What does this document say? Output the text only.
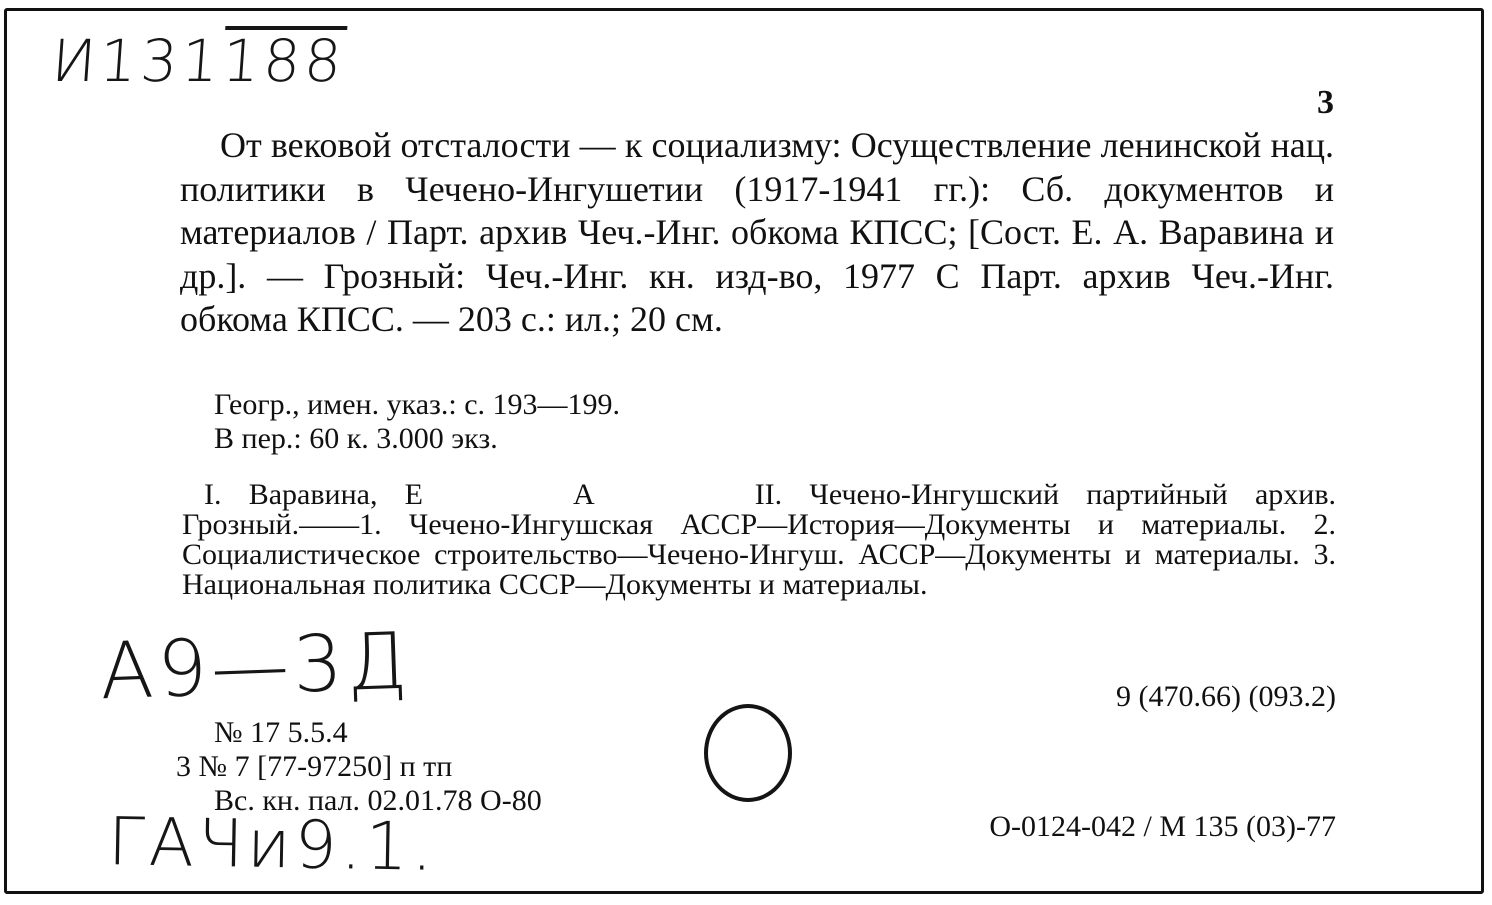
И131188
3
От вековой отсталости — к социализму: Осуществление ленинской нац. политики в Чечено-Ингушетии (1917-1941 гг.): Сб. документов и материалов / Парт. архив Чеч.-Инг. обкома КПСС; [Сост. Е. А. Варавина и др.]. — Грозный: Чеч.-Инг. кн. изд-во, 1977 С Парт. архив Чеч.-Инг. обкома КПСС. — 203 с.: ил.; 20 см.
Геогр., имен. указ.: с. 193—199.
В пер.: 60 к. 3.000 экз.
I. Варавина, Е	А	II. Чечено-Ингушский партийный архив. Грозный.——1. Чечено-Ингушская АССР—История—Документы и материалы. 2. Социалистическое строительство—Чечено-Ингуш. АССР—Документы и материалы. 3. Национальная политика СССР—Документы и материалы.
А9—3Д	9 (470.66) (093.2)
№ 17 5.5.4
3 № 7 [77-97250] п тп
Вс. кн. пал. 02.01.78 О-80
ГАЧи9.1.	О-0124-042 / М 135 (03)-77
